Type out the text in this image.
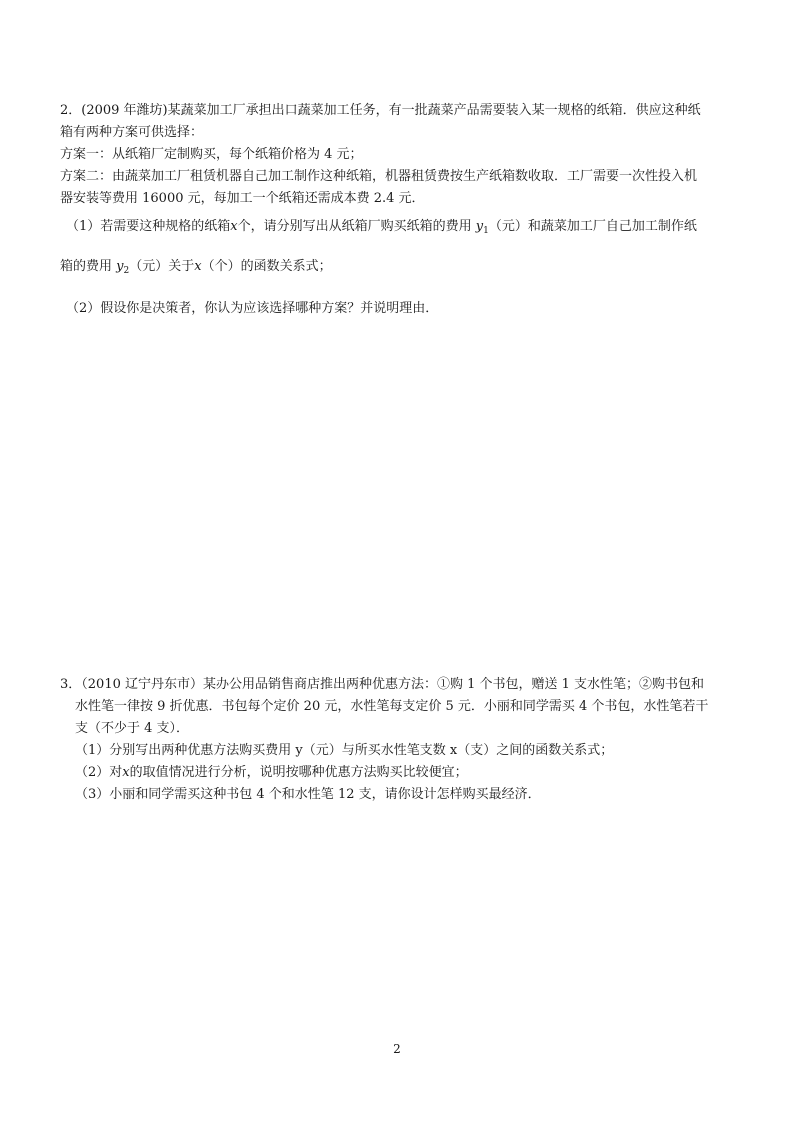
2．(2009 年潍坊)某蔬菜加工厂承担出口蔬菜加工任务，有一批蔬菜产品需要装入某一规格的纸箱．供应这种纸
箱有两种方案可供选择：
方案一：从纸箱厂定制购买，每个纸箱价格为 4 元；
方案二：由蔬菜加工厂租赁机器自己加工制作这种纸箱，机器租赁费按生产纸箱数收取．工厂需要一次性投入机
器安装等费用 16000 元，每加工一个纸箱还需成本费 2.4 元．
（1）若需要这种规格的纸箱x个，请分别写出从纸箱厂购买纸箱的费用 $y_1$（元）和蔬菜加工厂自己加工制作纸
箱的费用 $y_2$（元）关于x（个）的函数关系式；
（2）假设你是决策者，你认为应该选择哪种方案？并说明理由．
3．（2010 辽宁丹东市）某办公用品销售商店推出两种优惠方法：①购 1 个书包，赠送 1 支水性笔；②购书包和
水性笔一律按 9 折优惠．书包每个定价 20 元，水性笔每支定价 5 元．小丽和同学需买 4 个书包，水性笔若干
支（不少于 4 支）．
（1）分别写出两种优惠方法购买费用 y（元）与所买水性笔支数 x（支）之间的函数关系式；
（2）对x的取值情况进行分析，说明按哪种优惠方法购买比较便宜；
（3）小丽和同学需买这种书包 4 个和水性笔 12 支，请你设计怎样购买最经济．
2
